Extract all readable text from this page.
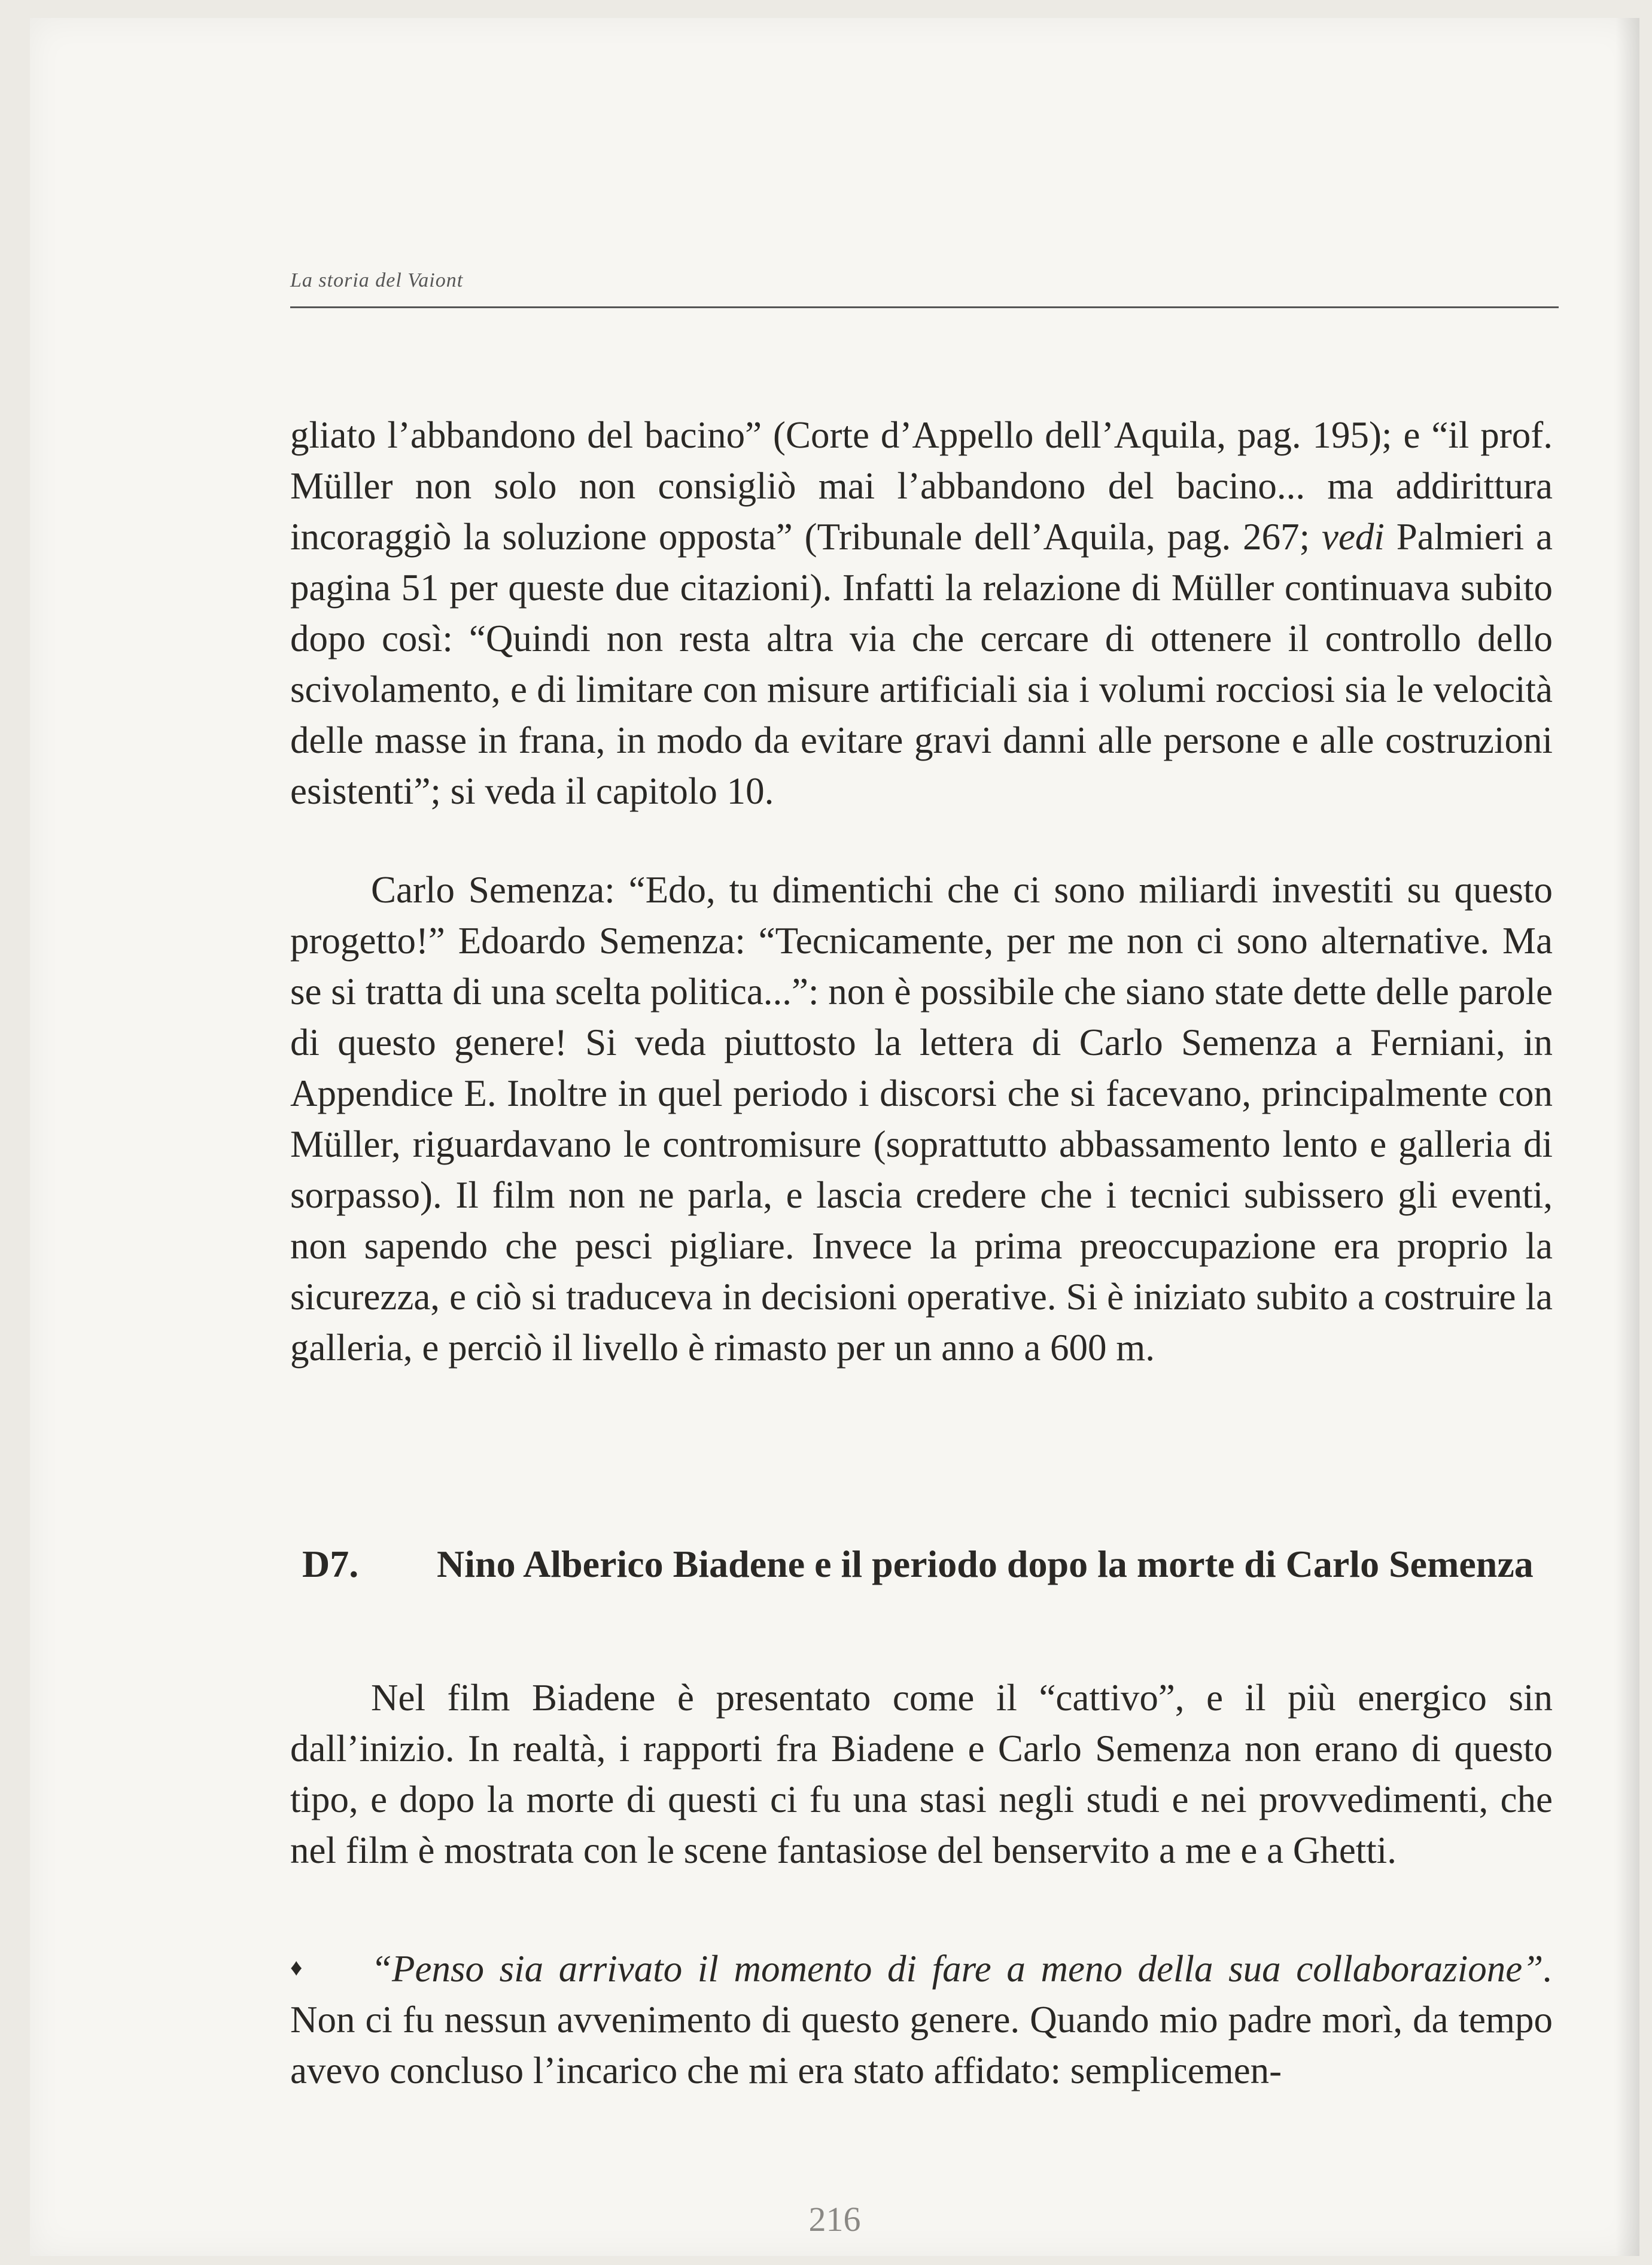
La storia del Vaiont

gliato l’abbandono del bacino” (Corte d’Appello dell’Aquila, pag. 195); e “il prof. Müller non solo non consigliò mai l’abbandono del bacino... ma addirittura incoraggiò la soluzione opposta” (Tribunale dell’Aquila, pag. 267; vedi Palmieri a pagina 51 per queste due citazioni). Infatti la relazione di Müller continuava subito dopo così: “Quindi non resta altra via che cercare di ottenere il controllo dello scivolamento, e di limitare con misure artificiali sia i volumi rocciosi sia le velocità delle masse in frana, in modo da evitare gravi danni alle persone e alle costruzioni esistenti”; si veda il capitolo 10.

Carlo Semenza: “Edo, tu dimentichi che ci sono miliardi investiti su questo progetto!” Edoardo Semenza: “Tecnicamente, per me non ci sono alternative. Ma se si tratta di una scelta politica...”: non è possibile che siano state dette delle parole di questo genere! Si veda piuttosto la lettera di Carlo Semenza a Ferniani, in Appendice E. Inoltre in quel periodo i discorsi che si facevano, principalmente con Müller, riguardavano le contromisure (soprattutto abbassamento lento e galleria di sorpasso). Il film non ne parla, e lascia credere che i tecnici subissero gli eventi, non sapendo che pesci pigliare. Invece la prima preoccupazione era proprio la sicurezza, e ciò si traduceva in decisioni operative. Si è iniziato subito a costruire la galleria, e perciò il livello è rimasto per un anno a 600 m.

D7. Nino Alberico Biadene e il periodo dopo la morte di Carlo Semenza

Nel film Biadene è presentato come il “cattivo”, e il più energico sin dall’inizio. In realtà, i rapporti fra Biadene e Carlo Semenza non erano di questo tipo, e dopo la morte di questi ci fu una stasi negli studi e nei provvedimenti, che nel film è mostrata con le scene fantasiose del benservito a me e a Ghetti.

♦ “Penso sia arrivato il momento di fare a meno della sua collaborazione”. Non ci fu nessun avvenimento di questo genere. Quando mio padre morì, da tempo avevo concluso l’incarico che mi era stato affidato: semplicemen-

216
